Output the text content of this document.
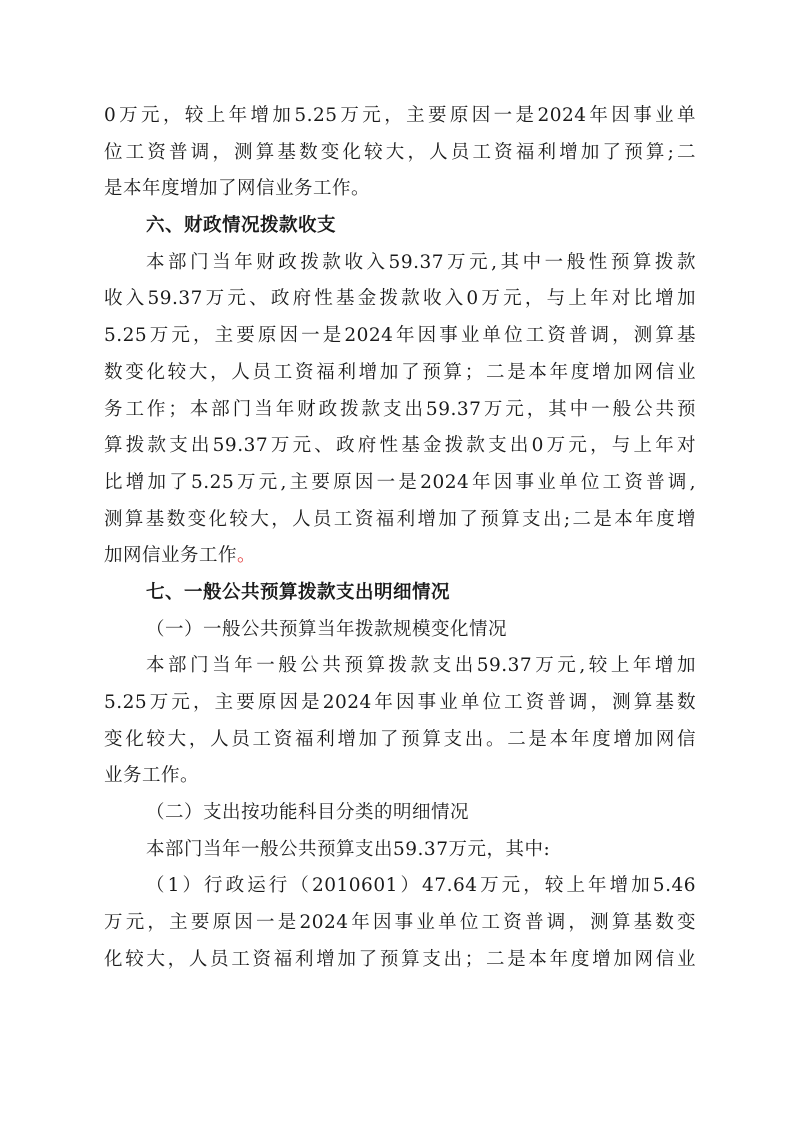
0万元，较上年增加5.25万元，主要原因一是2024年因事业单
位工资普调，测算基数变化较大，人员工资福利增加了预算;二
是本年度增加了网信业务工作。
六、财政情况拨款收支
本部门当年财政拨款收入59.37万元,其中一般性预算拨款
收入59.37万元、政府性基金拨款收入0万元，与上年对比增加
5.25万元，主要原因一是2024年因事业单位工资普调，测算基
数变化较大，人员工资福利增加了预算；二是本年度增加网信业
务工作；本部门当年财政拨款支出59.37万元，其中一般公共预
算拨款支出59.37万元、政府性基金拨款支出0万元，与上年对
比增加了5.25万元,主要原因一是2024年因事业单位工资普调,
测算基数变化较大，人员工资福利增加了预算支出;二是本年度增
加网信业务工作。
七、一般公共预算拨款支出明细情况
（一）一般公共预算当年拨款规模变化情况
本部门当年一般公共预算拨款支出59.37万元,较上年增加
5.25万元，主要原因是2024年因事业单位工资普调，测算基数
变化较大，人员工资福利增加了预算支出。二是本年度增加网信
业务工作。
（二）支出按功能科目分类的明细情况
本部门当年一般公共预算支出59.37万元，其中:
（1）行政运行（2010601）47.64万元，较上年增加5.46
万元，主要原因一是2024年因事业单位工资普调，测算基数变
化较大，人员工资福利增加了预算支出；二是本年度增加网信业
